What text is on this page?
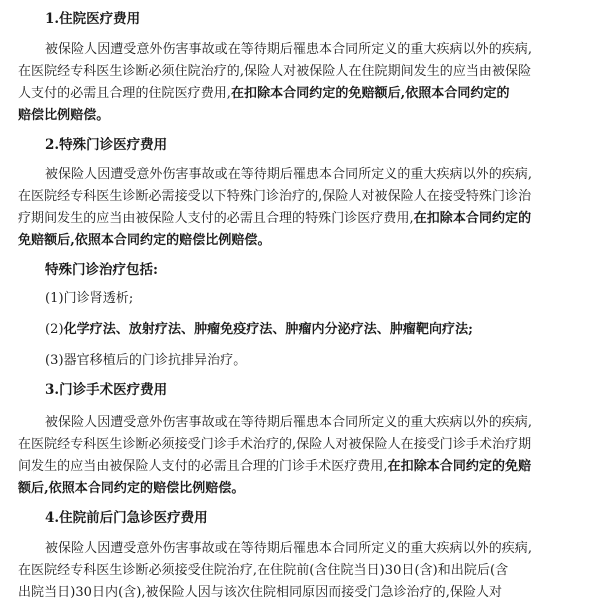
1.住院医疗费用
被保险人因遭受意外伤害事故或在等待期后罹患本合同所定义的重大疾病以外的疾病,
在医院经专科医生诊断必须住院治疗的,保险人对被保险人在住院期间发生的应当由被保险
人支付的必需且合理的住院医疗费用,在扣除本合同约定的免赔额后,依照本合同约定的
赔偿比例赔偿。
2.特殊门诊医疗费用
被保险人因遭受意外伤害事故或在等待期后罹患本合同所定义的重大疾病以外的疾病,
在医院经专科医生诊断必需接受以下特殊门诊治疗的,保险人对被保险人在接受特殊门诊治
疗期间发生的应当由被保险人支付的必需且合理的特殊门诊医疗费用,在扣除本合同约定的
免赔额后,依照本合同约定的赔偿比例赔偿。
特殊门诊治疗包括:
(1)门诊肾透析;
(2)化学疗法、放射疗法、肿瘤免疫疗法、肿瘤内分泌疗法、肿瘤靶向疗法;
(3)器官移植后的门诊抗排异治疗。
3.门诊手术医疗费用
被保险人因遭受意外伤害事故或在等待期后罹患本合同所定义的重大疾病以外的疾病,
在医院经专科医生诊断必须接受门诊手术治疗的,保险人对被保险人在接受门诊手术治疗期
间发生的应当由被保险人支付的必需且合理的门诊手术医疗费用,在扣除本合同约定的免赔
额后,依照本合同约定的赔偿比例赔偿。
4.住院前后门急诊医疗费用
被保险人因遭受意外伤害事故或在等待期后罹患本合同所定义的重大疾病以外的疾病,
在医院经专科医生诊断必须接受住院治疗,在住院前(含住院当日)30日(含)和出院后(含
出院当日)30日内(含),被保险人因与该次住院相同原因而接受门急诊治疗的,保险人对
